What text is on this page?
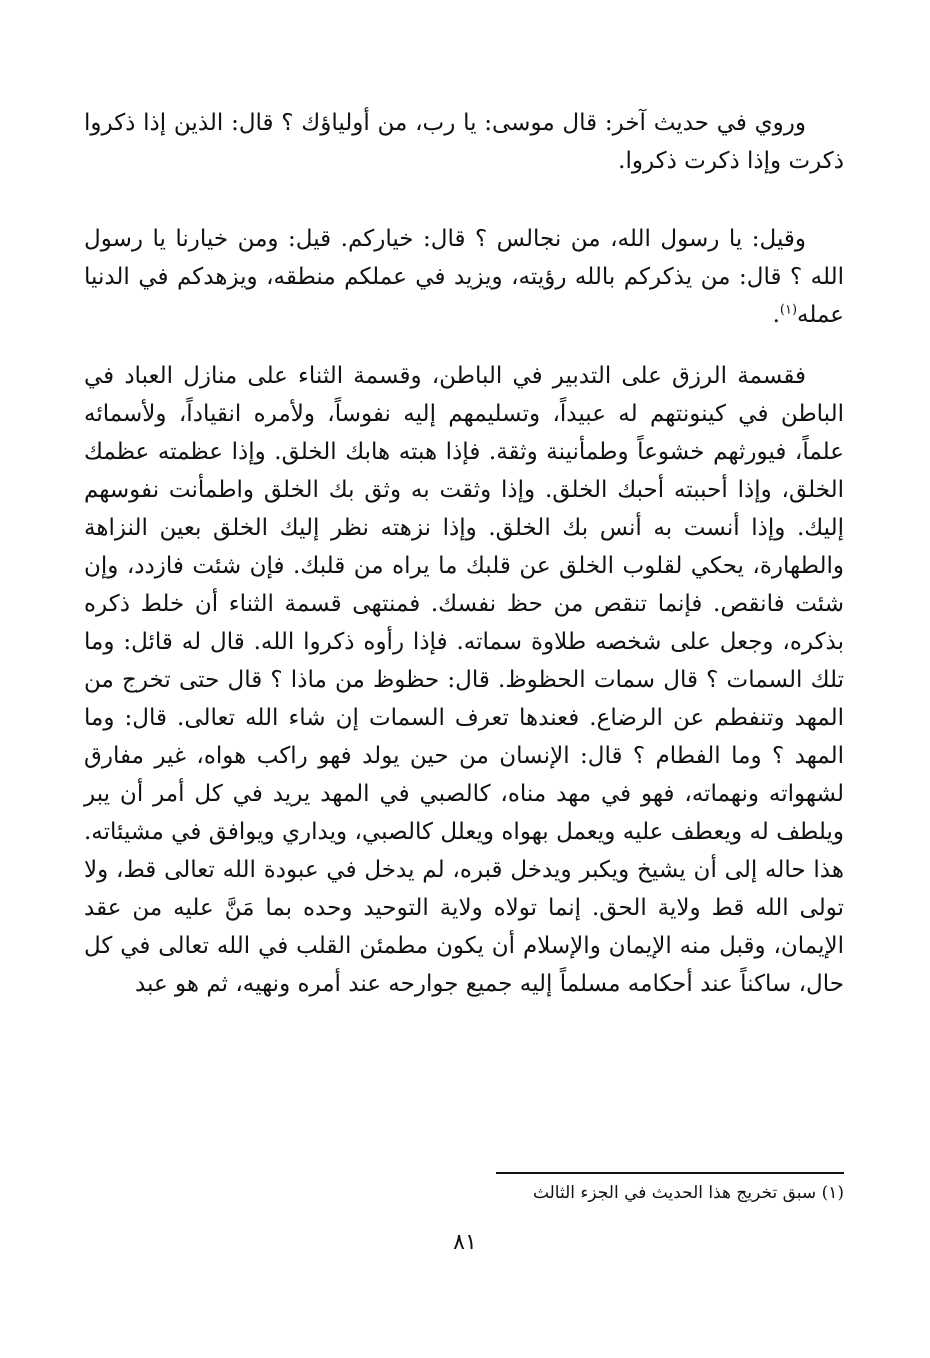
وروي في حديث آخر: قال موسى: يا رب، من أولياؤك ؟ قال: الذين إذا ذكروا ذكرت وإذا ذكرت ذكروا.

وقيل: يا رسول الله، من نجالس ؟ قال: خياركم. قيل: ومن خيارنا يا رسول الله ؟ قال: من يذكركم بالله رؤيته، ويزيد في عملكم منطقه، ويزهدكم في الدنيا عمله$^{(١)}$.

فقسمة الرزق على التدبير في الباطن، وقسمة الثناء على منازل العباد في الباطن في كينونتهم له عبيداً، وتسليمهم إليه نفوساً، ولأمره انقياداً، ولأسمائه علماً، فيورثهم خشوعاً وطمأنينة وثقة. فإذا هبته هابك الخلق. وإذا عظمته عظمك الخلق، وإذا أحببته أحبك الخلق. وإذا وثقت به وثق بك الخلق واطمأنت نفوسهم إليك. وإذا أنست به أنس بك الخلق. وإذا نزهته نظر إليك الخلق بعين النزاهة والطهارة، يحكي لقلوب الخلق عن قلبك ما يراه من قلبك. فإن شئت فازدد، وإن شئت فانقص. فإنما تنقص من حظ نفسك. فمنتهى قسمة الثناء أن خلط ذكره بذكره، وجعل على شخصه طلاوة سماته. فإذا رأوه ذكروا الله. قال له قائل: وما تلك السمات ؟ قال سمات الحظوظ. قال: حظوظ من ماذا ؟ قال حتى تخرج من المهد وتنفطم عن الرضاع. فعندها تعرف السمات إن شاء الله تعالى. قال: وما المهد ؟ وما الفطام ؟ قال: الإنسان من حين يولد فهو راكب هواه، غير مفارق لشهواته ونهماته، فهو في مهد مناه، كالصبي في المهد يريد في كل أمر أن يبر ويلطف له ويعطف عليه ويعمل بهواه ويعلل كالصبي، ويداري ويوافق في مشيئاته. هذا حاله إلى أن يشيخ ويكبر ويدخل قبره، لم يدخل في عبودة الله تعالى قط، ولا تولى الله قط ولاية الحق. إنما تولاه ولاية التوحيد وحده بما مَنَّ عليه من عقد الإيمان، وقبل منه الإيمان والإسلام أن يكون مطمئن القلب في الله تعالى في كل حال، ساكناً عند أحكامه مسلماً إليه جميع جوارحه عند أمره ونهيه، ثم هو عبد

(١) سبق تخريج هذا الحديث في الجزء الثالث

٨١
